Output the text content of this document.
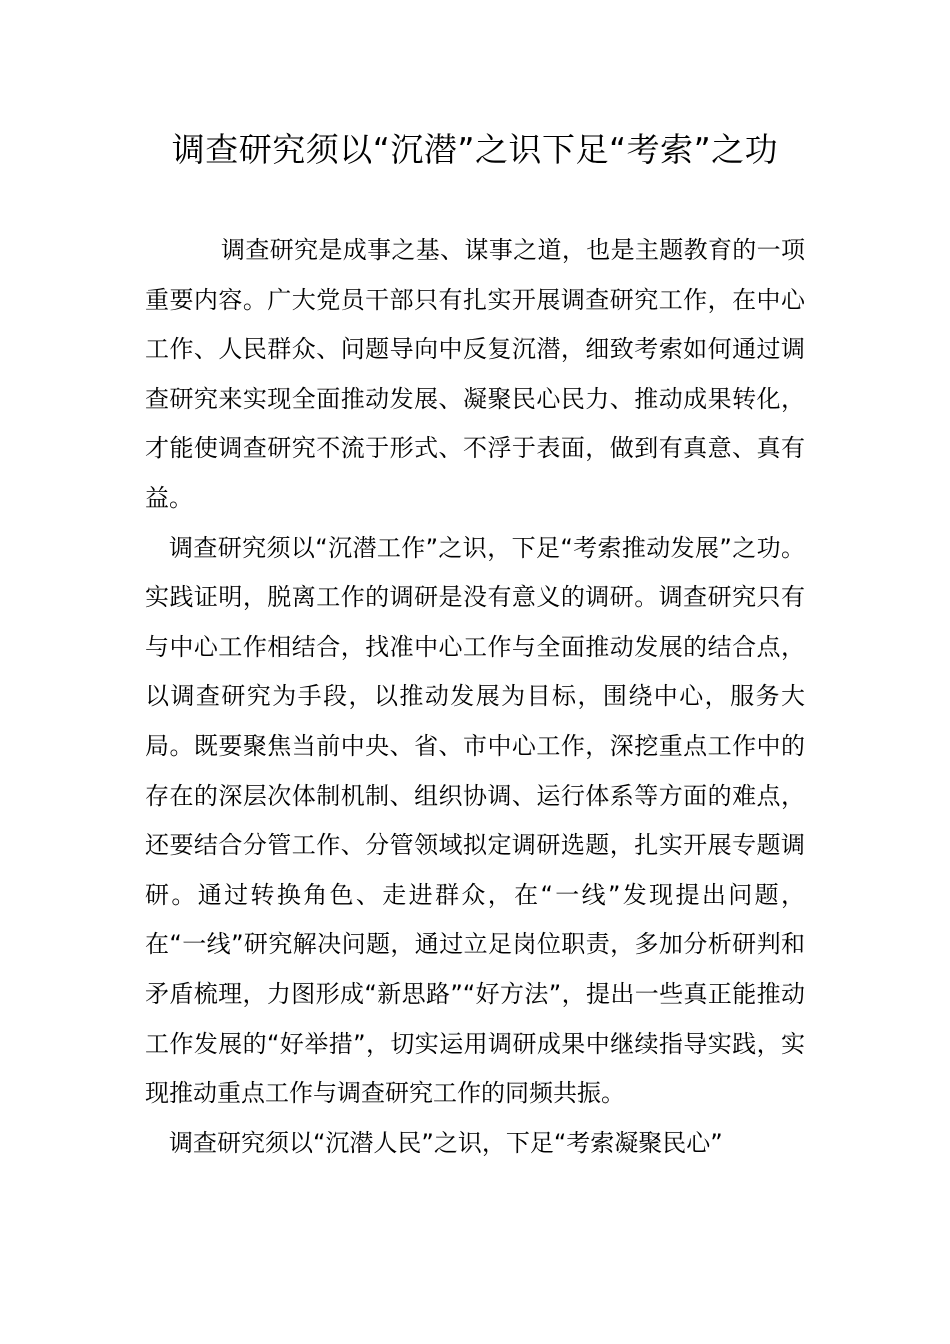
调查研究须以“沉潜”之识下足“考索”之功

调查研究是成事之基、谋事之道，也是主题教育的一项重要内容。广大党员干部只有扎实开展调查研究工作，在中心工作、人民群众、问题导向中反复沉潜，细致考索如何通过调查研究来实现全面推动发展、凝聚民心民力、推动成果转化，才能使调查研究不流于形式、不浮于表面，做到有真意、真有益。

调查研究须以“沉潜工作”之识，下足“考索推动发展”之功。实践证明，脱离工作的调研是没有意义的调研。调查研究只有与中心工作相结合，找准中心工作与全面推动发展的结合点，以调查研究为手段，以推动发展为目标，围绕中心，服务大局。既要聚焦当前中央、省、市中心工作，深挖重点工作中的存在的深层次体制机制、组织协调、运行体系等方面的难点，还要结合分管工作、分管领域拟定调研选题，扎实开展专题调研。通过转换角色、走进群众，在“一线”发现提出问题，在“一线”研究解决问题，通过立足岗位职责，多加分析研判和矛盾梳理，力图形成“新思路”“好方法”，提出一些真正能推动工作发展的“好举措”，切实运用调研成果中继续指导实践，实现推动重点工作与调查研究工作的同频共振。

调查研究须以“沉潜人民”之识，下足“考索凝聚民心”
